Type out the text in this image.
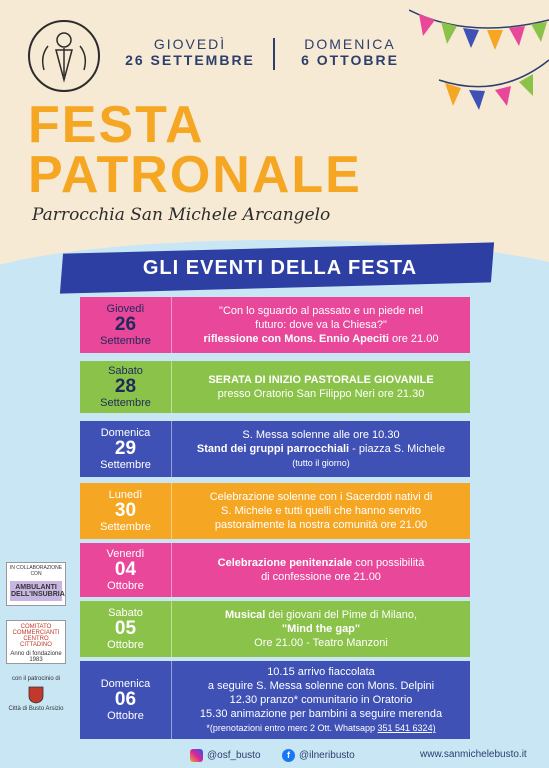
GIOVEDÌ
26 SETTEMBRE
DOMENICA
6 OTTOBRE
FESTA
PATRONALE
Parrocchia San Michele Arcangelo
GLI EVENTI DELLA FESTA
Giovedì
26
Settembre
"Con lo sguardo al passato e un piede nel
futuro: dove va la Chiesa?"
riflessione con Mons. Ennio Apeciti ore 21.00
Sabato
28
Settembre
SERATA DI INIZIO PASTORALE GIOVANILE
presso Oratorio San Filippo Neri ore 21.30
Domenica
29
Settembre
S. Messa solenne alle ore 10.30
Stand dei gruppi parrocchiali - piazza S. Michele
(tutto il giorno)
Lunedì
30
Settembre
Celebrazione solenne con i Sacerdoti nativi di
S. Michele e tutti quelli che hanno servito
pastoralmente la nostra comunità ore 21.00
Venerdì
04
Ottobre
Celebrazione penitenziale con possibilità
di confessione ore 21.00
Sabato
05
Ottobre
Musical dei giovani del Pime di Milano,
"Mind the gap"
Ore 21.00 - Teatro Manzoni
Domenica
06
Ottobre
10.15 arrivo fiaccolata
a seguire S. Messa solenne con Mons. Delpini
12.30 pranzo* comunitario in Oratorio
15.30 animazione per bambini a seguire merenda
*(prenotazioni entro merc 2 Ott. Whatsapp 351 541 6324)
IN COLLABORAZIONE CON
AMBULANTI DELL'INSUBRIA
COMITATO COMMERCIANTI CENTRO CITTADINO
Anno di fondazione 1983
con il patrocinio di
Città di Busto Arsizio
@osf_busto	f @ilneribusto	www.sanmichelebusto.it
